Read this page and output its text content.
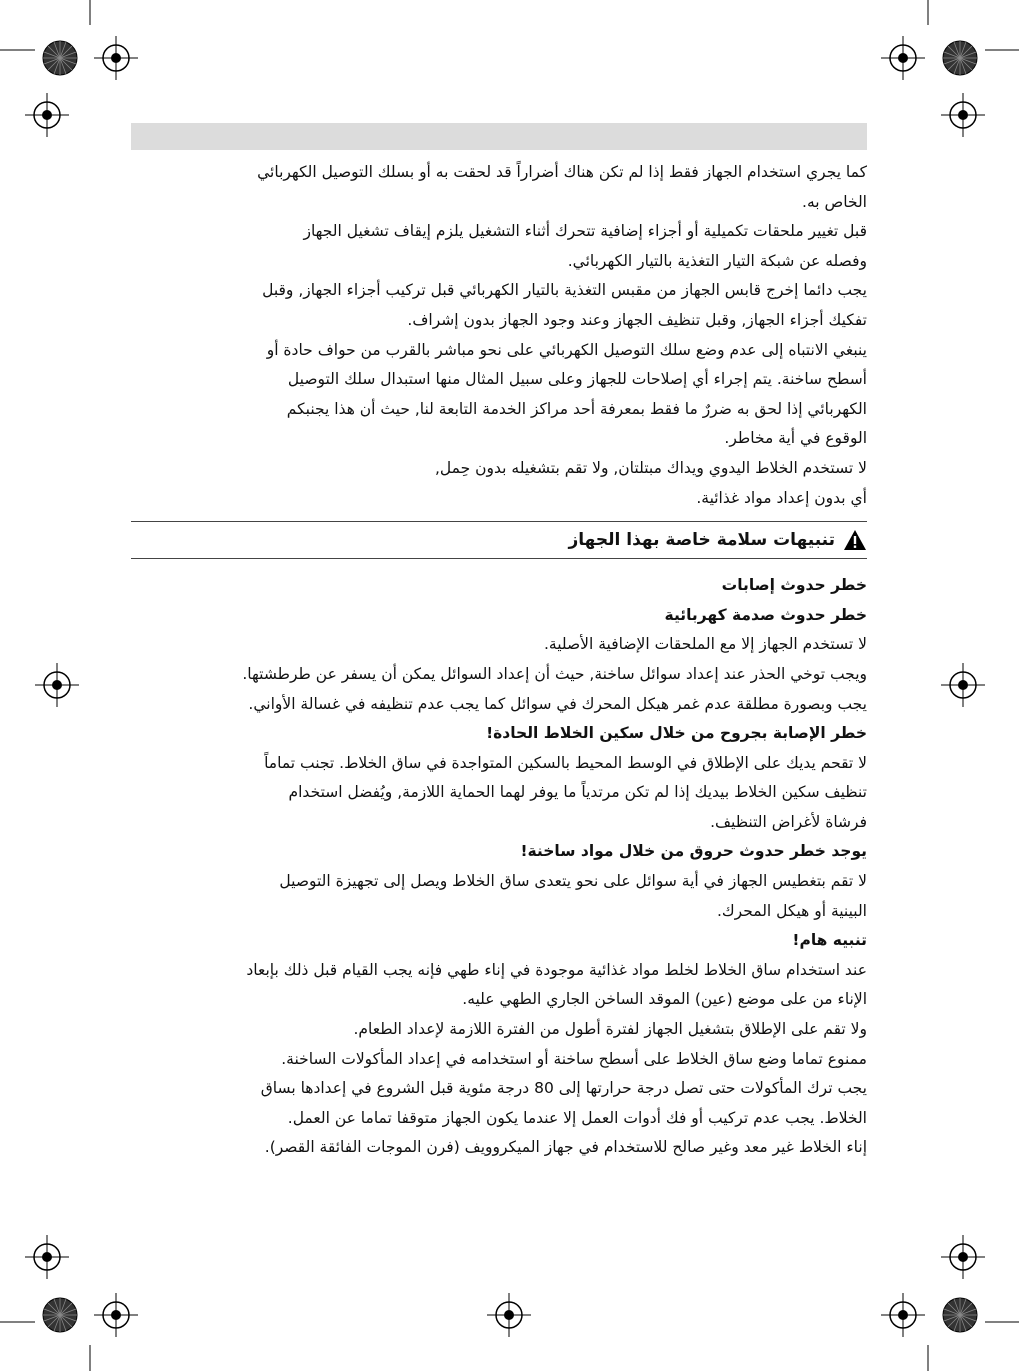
كما يجري استخدام الجهاز فقط إذا لم تكن هناك أضراراً قد لحقت به أو بسلك التوصيل الكهربائي
الخاص به.
قبل تغيير ملحقات تكميلية أو أجزاء إضافية تتحرك أثناء التشغيل يلزم إيقاف تشغيل الجهاز
وفصله عن شبكة التيار التغذية بالتيار الكهربائي.
يجب دائما إخرج قابس الجهاز من مقبس التغذية بالتيار الكهربائي قبل تركيب أجزاء الجهاز, وقبل
تفكيك أجزاء الجهاز, وقبل تنظيف الجهاز وعند وجود الجهاز بدون إشراف.
ينبغي الانتباه إلى عدم وضع سلك التوصيل الكهربائي على نحو مباشر بالقرب من حواف حادة أو
أسطح ساخنة. يتم إجراء أي إصلاحات للجهاز وعلى سبيل المثال منها استبدال سلك التوصيل
الكهربائي إذا لحق به ضررٌ ما فقط بمعرفة أحد مراكز الخدمة التابعة لنا, حيث أن هذا يجنبكم
الوقوع في أية مخاطر.
لا تستخدم الخلاط اليدوي ويداك مبتلتان, ولا تقم بتشغيله بدون حِمل,
أي بدون إعداد مواد غذائية.
تنبيهات سلامة خاصة بهذا الجهاز
خطر حدوث إصابات
خطر حدوث صدمة كهربائية
لا تستخدم الجهاز إلا مع الملحقات الإضافية الأصلية.
ويجب توخي الحذر عند إعداد سوائل ساخنة, حيث أن إعداد السوائل يمكن أن يسفر عن طرطشتها.
يجب وبصورة مطلقة عدم غمر هيكل المحرك في سوائل كما يجب عدم تنظيفه في غسالة الأواني.
خطر الإصابة بجروح من خلال سكين الخلاط الحادة!
لا تقحم يديك على الإطلاق في الوسط المحيط بالسكين المتواجدة في ساق الخلاط. تجنب تماماً
تنظيف سكين الخلاط بيديك إذا لم تكن مرتدياً ما يوفر لهما الحماية اللازمة, ويُفضل استخدام
فرشاة لأغراض التنظيف.
يوجد خطر حدوث حروق من خلال مواد ساخنة!
لا تقم بتغطيس الجهاز في أية سوائل على نحو يتعدى ساق الخلاط ويصل إلى تجهيزة التوصيل
البينية أو هيكل المحرك.
تنبيه هام!
عند استخدام ساق الخلاط لخلط مواد غذائية موجودة في إناء طهي فإنه يجب القيام قبل ذلك بإبعاد
الإناء من على موضع (عين) الموقد الساخن الجاري الطهي عليه.
ولا تقم على الإطلاق بتشغيل الجهاز لفترة أطول من الفترة اللازمة لإعداد الطعام.
ممنوع تماما وضع ساق الخلاط على أسطح ساخنة أو استخدامه في إعداد المأكولات الساخنة.
يجب ترك المأكولات حتى تصل درجة حرارتها إلى 80 درجة مئوية قبل الشروع في إعدادها بساق
الخلاط. يجب عدم تركيب أو فك أدوات العمل إلا عندما يكون الجهاز متوقفا تماما عن العمل.
إناء الخلاط غير معد وغير صالح للاستخدام في جهاز الميكروويف (فرن الموجات الفائقة القصر).
